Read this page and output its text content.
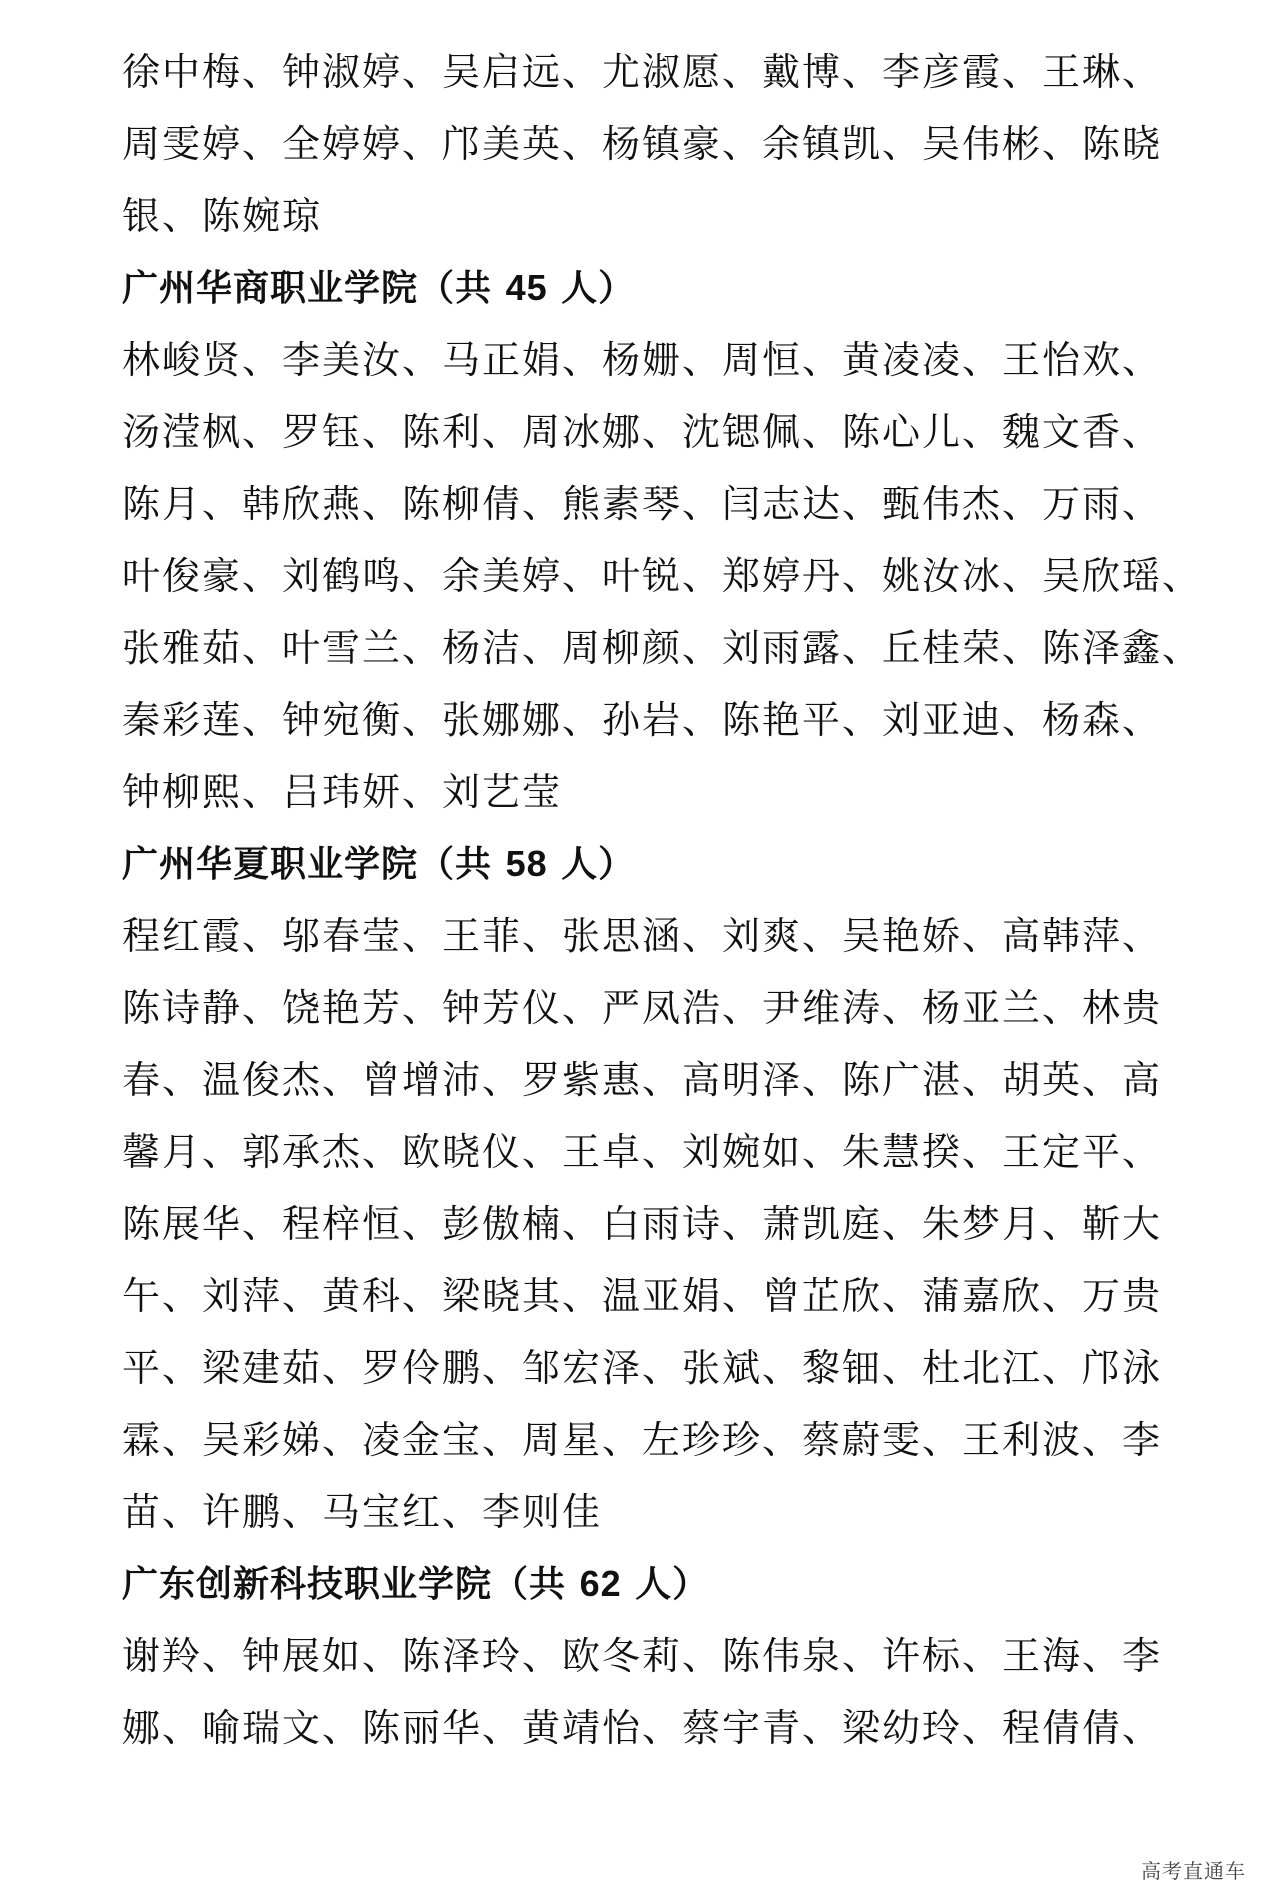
徐中梅、钟淑婷、吴启远、尤淑愿、戴博、李彦霞、王琳、
周雯婷、全婷婷、邝美英、杨镇豪、余镇凯、吴伟彬、陈晓
银、陈婉琼
广州华商职业学院（共 45 人）
林峻贤、李美汝、马正娟、杨姗、周恒、黄凌凌、王怡欢、
汤滢枫、罗钰、陈利、周冰娜、沈锶佩、陈心儿、魏文香、
陈月、韩欣燕、陈柳倩、熊素琴、闫志达、甄伟杰、万雨、
叶俊豪、刘鹤鸣、余美婷、叶锐、郑婷丹、姚汝冰、吴欣瑶、
张雅茹、叶雪兰、杨洁、周柳颜、刘雨露、丘桂荣、陈泽鑫、
秦彩莲、钟宛衡、张娜娜、孙岩、陈艳平、刘亚迪、杨森、
钟柳熙、吕玮妍、刘艺莹
广州华夏职业学院（共 58 人）
程红霞、邬春莹、王菲、张思涵、刘爽、吴艳娇、高韩萍、
陈诗静、饶艳芳、钟芳仪、严凤浩、尹维涛、杨亚兰、林贵
春、温俊杰、曾增沛、罗紫惠、高明泽、陈广湛、胡英、高
馨月、郭承杰、欧晓仪、王卓、刘婉如、朱慧揆、王定平、
陈展华、程梓恒、彭傲楠、白雨诗、萧凯庭、朱梦月、靳大
午、刘萍、黄科、梁晓其、温亚娟、曾芷欣、蒲嘉欣、万贵
平、梁建茹、罗伶鹏、邹宏泽、张斌、黎钿、杜北江、邝泳
霖、吴彩娣、凌金宝、周星、左珍珍、蔡蔚雯、王利波、李
苗、许鹏、马宝红、李则佳
广东创新科技职业学院（共 62 人）
谢羚、钟展如、陈泽玲、欧冬莉、陈伟泉、许标、王海、李
娜、喻瑞文、陈丽华、黄靖怡、蔡宇青、梁幼玲、程倩倩、
高考直通车
